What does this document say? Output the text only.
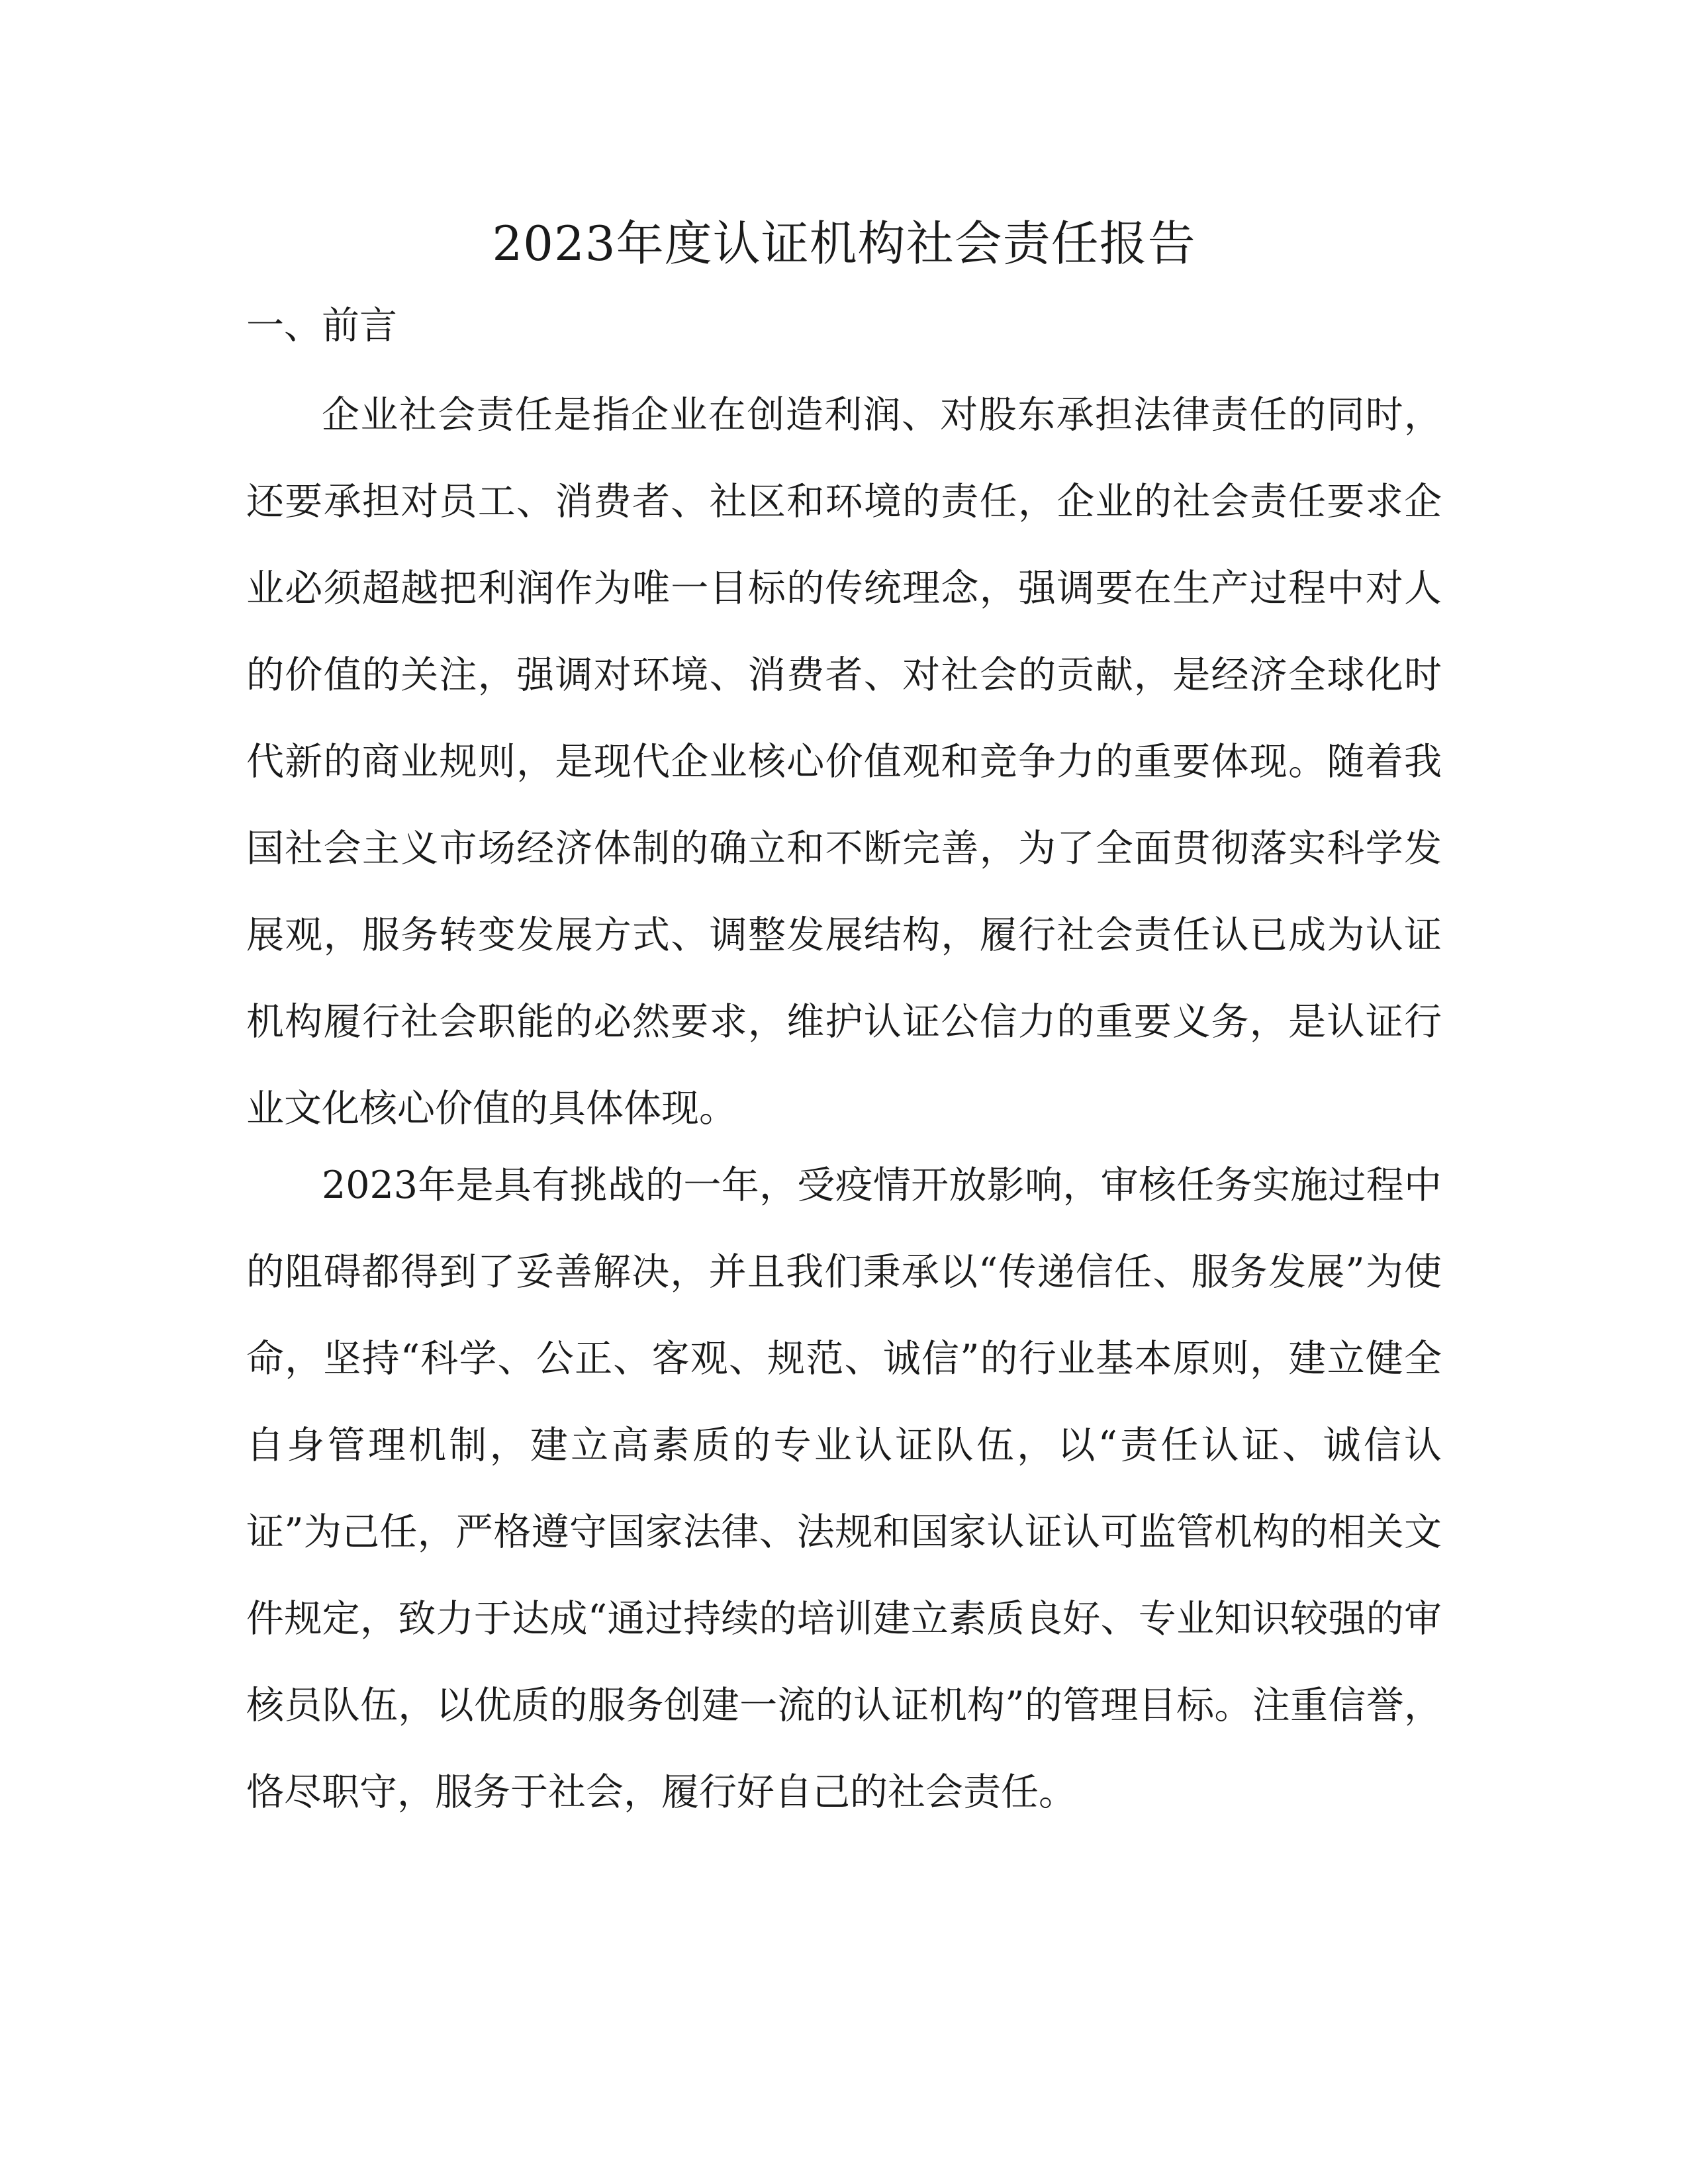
2023年度认证机构社会责任报告
一、前言

企业社会责任是指企业在创造利润、对股东承担法律责任的同时，还要承担对员工、消费者、社区和环境的责任，企业的社会责任要求企业必须超越把利润作为唯一目标的传统理念，强调要在生产过程中对人的价值的关注，强调对环境、消费者、对社会的贡献，是经济全球化时代新的商业规则，是现代企业核心价值观和竞争力的重要体现。随着我国社会主义市场经济体制的确立和不断完善，为了全面贯彻落实科学发展观，服务转变发展方式、调整发展结构，履行社会责任认已成为认证机构履行社会职能的必然要求，维护认证公信力的重要义务，是认证行业文化核心价值的具体体现。

2023年是具有挑战的一年，受疫情开放影响，审核任务实施过程中的阻碍都得到了妥善解决，并且我们秉承以“传递信任、服务发展”为使命，坚持“科学、公正、客观、规范、诚信”的行业基本原则，建立健全自身管理机制，建立高素质的专业认证队伍，以“责任认证、诚信认证”为己任，严格遵守国家法律、法规和国家认证认可监管机构的相关文件规定，致力于达成“通过持续的培训建立素质良好、专业知识较强的审核员队伍，以优质的服务创建一流的认证机构”的管理目标。注重信誉，恪尽职守，服务于社会，履行好自己的社会责任。
